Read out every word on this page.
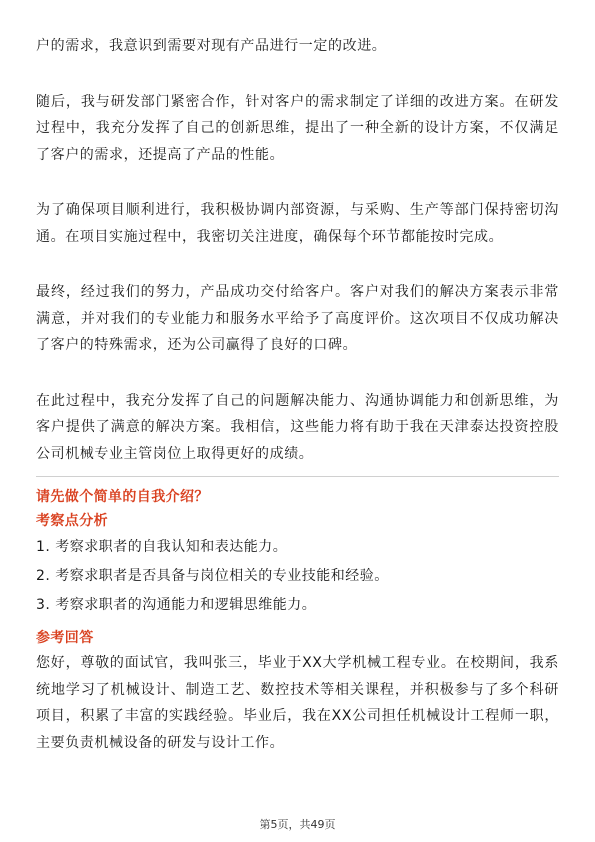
户的需求，我意识到需要对现有产品进行一定的改进。

随后，我与研发部门紧密合作，针对客户的需求制定了详细的改进方案。在研发过程中，我充分发挥了自己的创新思维，提出了一种全新的设计方案，不仅满足了客户的需求，还提高了产品的性能。

为了确保项目顺利进行，我积极协调内部资源，与采购、生产等部门保持密切沟通。在项目实施过程中，我密切关注进度，确保每个环节都能按时完成。

最终，经过我们的努力，产品成功交付给客户。客户对我们的解决方案表示非常满意，并对我们的专业能力和服务水平给予了高度评价。这次项目不仅成功解决了客户的特殊需求，还为公司赢得了良好的口碑。

在此过程中，我充分发挥了自己的问题解决能力、沟通协调能力和创新思维，为客户提供了满意的解决方案。我相信，这些能力将有助于我在天津泰达投资控股公司机械专业主管岗位上取得更好的成绩。

请先做个简单的自我介绍？

考察点分析

1. 考察求职者的自我认知和表达能力。
2. 考察求职者是否具备与岗位相关的专业技能和经验。
3. 考察求职者的沟通能力和逻辑思维能力。

参考回答

您好，尊敬的面试官，我叫张三，毕业于XX大学机械工程专业。在校期间，我系统地学习了机械设计、制造工艺、数控技术等相关课程，并积极参与了多个科研项目，积累了丰富的实践经验。毕业后，我在XX公司担任机械设计工程师一职，主要负责机械设备的研发与设计工作。

第5页，共49页
